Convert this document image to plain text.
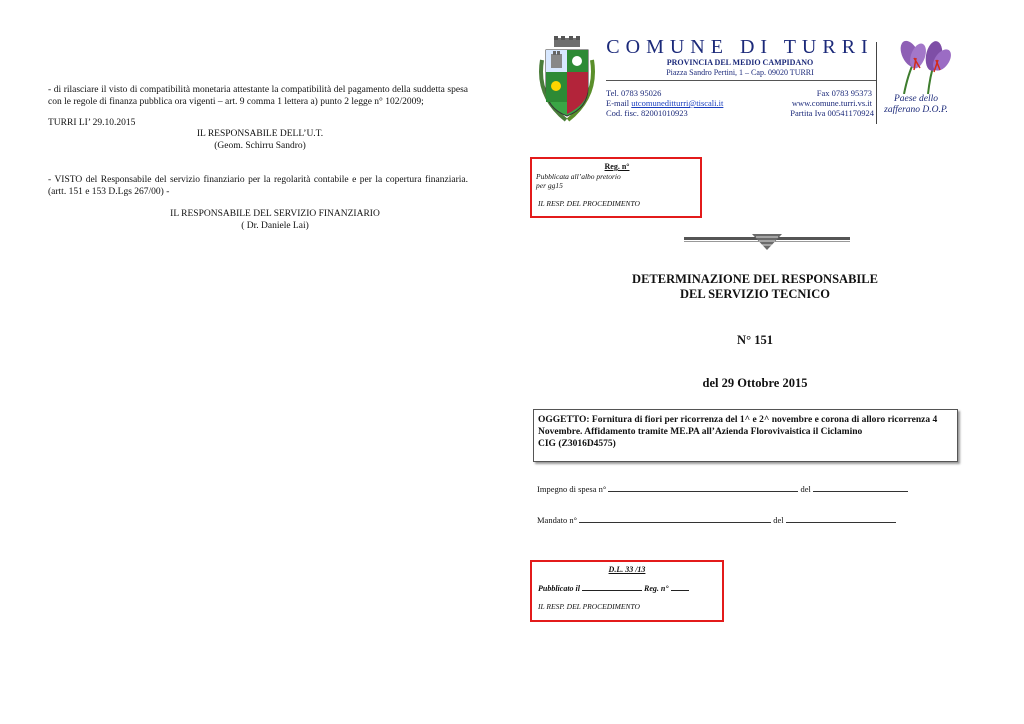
- di rilasciare il visto di compatibilità monetaria attestante la compatibilità del pagamento della suddetta spesa con le regole di finanza pubblica ora vigenti – art. 9 comma 1 lettera a) punto 2 legge n° 102/2009;
TURRI LI’ 29.10.2015
IL RESPONSABILE DELL’U.T.
(Geom. Schirru Sandro)
- VISTO del Responsabile del servizio finanziario per la regolarità contabile e per la copertura finanziaria. (artt. 151 e 153 D.Lgs 267/00) -
IL RESPONSABILE DEL SERVIZIO FINANZIARIO
( Dr. Daniele Lai)
COMUNE DI TURRI
PROVINCIA DEL MEDIO CAMPIDANO
Piazza Sandro Pertini, 1 – Cap. 09020 TURRI
Tel. 0783 95026	Fax 0783 95373
E-mail utcomuneditturri@tiscali.it	www.comune.turri.vs.it
Cod. fisc. 82001010923	Partita Iva 00541170924
Paese dello
zafferano D.O.P.
Reg. n°
Pubblicata all’albo pretorio
per gg15
IL RESP. DEL PROCEDIMENTO
DETERMINAZIONE DEL RESPONSABILE
DEL SERVIZIO TECNICO
N° 151
del 29 Ottobre 2015
OGGETTO: Fornitura di fiori per ricorrenza del 1^ e 2^ novembre e corona di alloro ricorrenza 4
Novembre. Affidamento tramite ME.PA all’Azienda Florovivaistica il Ciclamino
CIG (Z3016D4575)
Impegno di spesa n°	del
Mandato n°	del
D.L. 33 /13
Pubblicato il	Reg. n°
IL RESP. DEL PROCEDIMENTO
